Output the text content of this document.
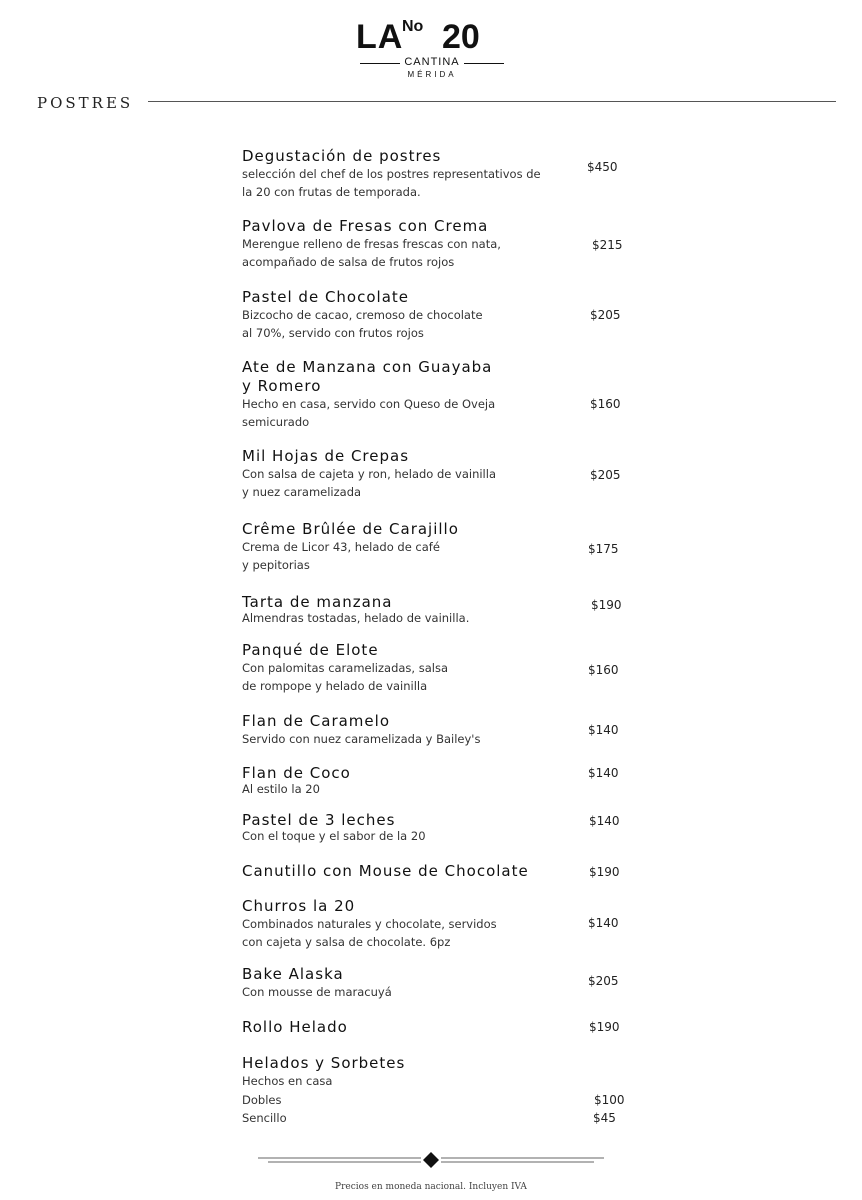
LA
No 20
CANTINA
MÉRIDA
POSTRES
Degustación de postres
selección del chef de los postres representativos de
la 20 con frutas de temporada.
$450
Pavlova de Fresas con Crema
Merengue relleno de fresas frescas con nata,
acompañado de salsa de frutos rojos
$215
Pastel de Chocolate
Bizcocho de cacao, cremoso de chocolate
al 70%, servido con frutos rojos
$205
Ate de Manzana con Guayaba
y Romero
Hecho en casa, servido con Queso de Oveja
semicurado
$160
Mil Hojas de Crepas
Con salsa de cajeta y ron, helado de vainilla
y nuez caramelizada
$205
Crême Brûlée de Carajillo
Crema de Licor 43, helado de café
y pepitorias
$175
Tarta de manzana
Almendras tostadas, helado de vainilla.
$190
Panqué de Elote
Con palomitas caramelizadas, salsa
de rompope y helado de vainilla
$160
Flan de Caramelo
Servido con nuez caramelizada y Bailey's
$140
Flan de Coco
Al estilo la 20
$140
Pastel de 3 leches
Con el toque y el sabor de la 20
$140
Canutillo con Mouse de Chocolate	$190
Churros la 20
Combinados naturales y chocolate, servidos
con cajeta y salsa de chocolate. 6pz
$140
Bake Alaska
Con mousse de maracuyá
$205
Rollo Helado	$190
Helados y Sorbetes
Hechos en casa
Dobles	$100
Sencillo	$45
Precios en moneda nacional. Incluyen IVA
